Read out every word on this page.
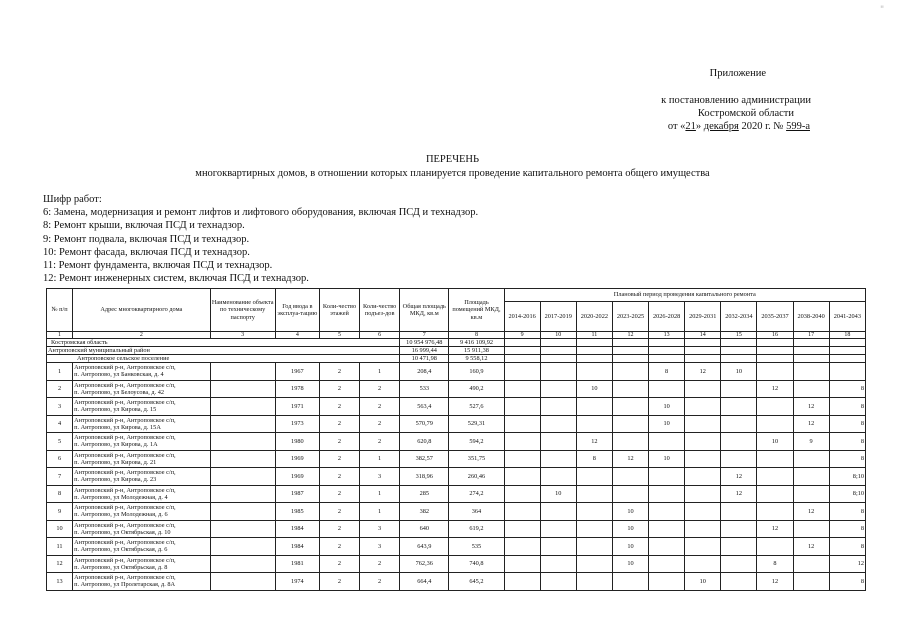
"
Приложение
к постановлению администрации
Костромской области
от «21» декабря 2020 г. № 599-а
ПЕРЕЧЕНЬ
многоквартирных домов, в отношении которых планируется проведение капитального ремонта общего имущества
Шифр работ:
6: Замена, модернизация и ремонт лифтов и лифтового оборудования, включая ПСД и технадзор.
8: Ремонт крыши, включая ПСД и технадзор.
9: Ремонт подвала, включая ПСД и технадзор.
10: Ремонт фасада, включая ПСД и технадзор.
11: Ремонт фундамента, включая ПСД и технадзор.
12: Ремонт инженерных систем, включая ПСД и технадзор.
№ п/п	Адрес многоквартирного дома	Наименование объекта по техническому паспорту	Год ввода в эксплуа-тацию	Коли-чество этажей	Коли-чество подъез-дов	Общая площадь МКД, кв.м	Площадь помещений МКД, кв.м	Плановый период проведения капитального ремонта									
								2014-2016	2017-2019	2020-2022	2023-2025	2026-2028	2029-2031	2032-2034	2035-2037	2038-2040	2041-2043
1	2	3	4	5	6	7	8	9	10	11	12	13	14	15	16	17	18
Костромская область						10 954 976,48	9 416 109,92										
Антроповский муниципальный район						16 999,44	15 911,38										
Антроповское сельское поселение						10 471,98	9 558,12										
1	Антроповский р-н, Антроповское с/п,
п. Антропово, ул Банковская, д. 4		1967	2	1	208,4	160,9					8	12	10			
2	Антроповский р-н, Антроповское с/п,
п. Антропово, ул Белоусова, д. 42		1978	2	2	533	490,2			10					12		8
3	Антроповский р-н, Антроповское с/п,
п. Антропово, ул Кирова, д. 15		1971	2	2	563,4	527,6					10				12	8
4	Антроповский р-н, Антроповское с/п,
п. Антропово, ул Кирова, д. 15А		1973	2	2	570,79	529,31					10				12	8
5	Антроповский р-н, Антроповское с/п,
п. Антропово, ул Кирова, д. 1А		1980	2	2	620,8	594,2			12					10	9	8
6	Антроповский р-н, Антроповское с/п,
п. Антропово, ул Кирова, д. 21		1969	2	1	382,57	351,75			8	12	10					8
7	Антроповский р-н, Антроповское с/п,
п. Антропово, ул Кирова, д. 23		1969	2	3	318,96	260,46							12			8;10
8	Антроповский р-н, Антроповское с/п,
п. Антропово, ул Молодежная, д. 4		1987	2	1	285	274,2		10					12			8;10
9	Антроповский р-н, Антроповское с/п,
п. Антропово, ул Молодежная, д. 6		1985	2	1	382	364				10					12	8
10	Антроповский р-н, Антроповское с/п,
п. Антропово, ул Октябрьская, д. 10		1984	2	3	640	619,2				10				12		8
11	Антроповский р-н, Антроповское с/п,
п. Антропово, ул Октябрьская, д. 6		1984	2	3	643,9	535				10					12	8
12	Антроповский р-н, Антроповское с/п,
п. Антропово, ул Октябрьская, д. 8		1981	2	2	762,36	740,8				10				8		12
13	Антроповский р-н, Антроповское с/п,
п. Антропово, ул Пролетарская, д. 8А		1974	2	2	664,4	645,2						10		12		8
